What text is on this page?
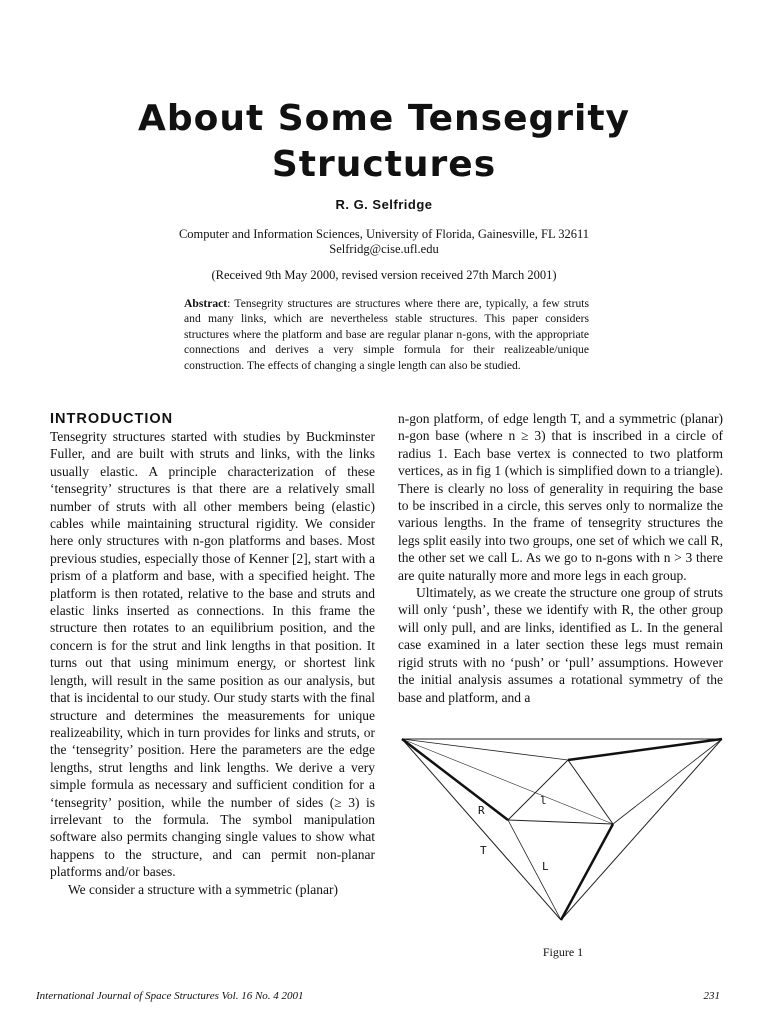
About Some Tensegrity
Structures
R. G. Selfridge
Computer and Information Sciences, University of Florida, Gainesville, FL 32611
Selfridg@cise.ufl.edu
(Received 9th May 2000, revised version received 27th March 2001)
Abstract: Tensegrity structures are structures where there are, typically, a few struts and many links, which are nevertheless stable structures. This paper considers structures where the platform and base are regular planar n-gons, with the appropriate connections and derives a very simple formula for their realizeable/unique construction. The effects of changing a single length can also be studied.
INTRODUCTION

Tensegrity structures started with studies by Buckminster Fuller, and are built with struts and links, with the links usually elastic. A principle characterization of these ‘tensegrity’ structures is that there are a relatively small number of struts with all other members being (elastic) cables while maintaining structural rigidity. We consider here only structures with n-gon platforms and bases. Most previous studies, especially those of Kenner [2], start with a prism of a platform and base, with a specified height. The platform is then rotated, relative to the base and struts and elastic links inserted as connections. In this frame the structure then rotates to an equilibrium position, and the concern is for the strut and link lengths in that position. It turns out that using minimum energy, or shortest link length, will result in the same position as our analysis, but that is incidental to our study. Our study starts with the final structure and determines the measurements for unique realizeability, which in turn provides for links and struts, or the ‘tensegrity’ position. Here the parameters are the edge lengths, strut lengths and link lengths. We derive a very simple formula as necessary and sufficient condition for a ‘tensegrity’ position, while the number of sides (≥ 3) is irrelevant to the formula. The symbol manipulation software also permits changing single values to show what happens to the structure, and can permit non-planar platforms and/or bases.

We consider a structure with a symmetric (planar)

n-gon platform, of edge length T, and a symmetric (planar) n-gon base (where n ≥ 3) that is inscribed in a circle of radius 1. Each base vertex is connected to two platform vertices, as in fig 1 (which is simplified down to a triangle). There is clearly no loss of generality in requiring the base to be inscribed in a circle, this serves only to normalize the various lengths. In the frame of tensegrity structures the legs split easily into two groups, one set of which we call R, the other set we call L. As we go to n-gons with n > 3 there are quite naturally more and more legs in each group.

Ultimately, as we create the structure one group of struts will only ‘push’, these we identify with R, the other group will only pull, and are links, identified as L. In the general case examined in a later section these legs must remain rigid struts with no ‘push’ or ‘pull’ assumptions. However the initial analysis assumes a rotational symmetry of the base and platform, and a

R
l
T
L
Figure 1
International Journal of Space Structures Vol. 16 No. 4 2001	231
